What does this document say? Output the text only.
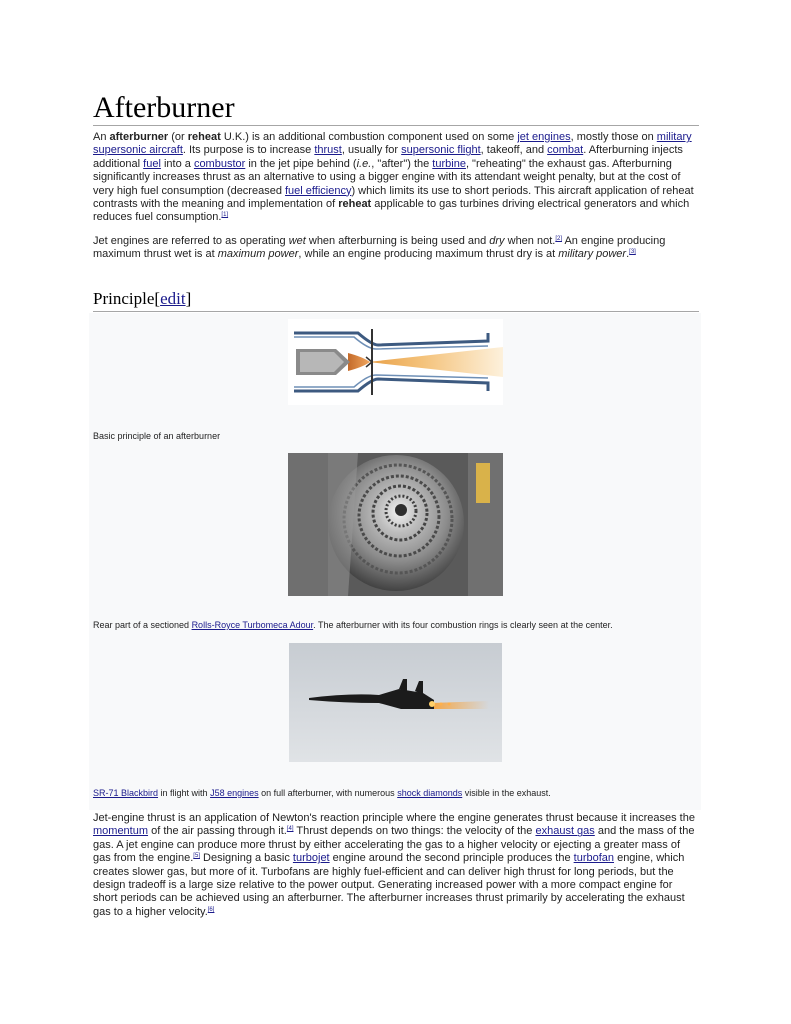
Afterburner

An afterburner (or reheat U.K.) is an additional combustion component used on some jet engines, mostly those on military supersonic aircraft. Its purpose is to increase thrust, usually for supersonic flight, takeoff, and combat. Afterburning injects additional fuel into a combustor in the jet pipe behind (i.e., "after") the turbine, "reheating" the exhaust gas. Afterburning significantly increases thrust as an alternative to using a bigger engine with its attendant weight penalty, but at the cost of very high fuel consumption (decreased fuel efficiency) which limits its use to short periods. This aircraft application of reheat contrasts with the meaning and implementation of reheat applicable to gas turbines driving electrical generators and which reduces fuel consumption.[1]

Jet engines are referred to as operating wet when afterburning is being used and dry when not.[2] An engine producing maximum thrust wet is at maximum power, while an engine producing maximum thrust dry is at military power.[3]

Principle[edit]
Basic principle of an afterburner
Rear part of a sectioned Rolls-Royce Turbomeca Adour. The afterburner with its four combustion rings is clearly seen at the center.
SR-71 Blackbird in flight with J58 engines on full afterburner, with numerous shock diamonds visible in the exhaust.

Jet-engine thrust is an application of Newton's reaction principle where the engine generates thrust because it increases the momentum of the air passing through it.[4] Thrust depends on two things: the velocity of the exhaust gas and the mass of the gas. A jet engine can produce more thrust by either accelerating the gas to a higher velocity or ejecting a greater mass of gas from the engine.[5] Designing a basic turbojet engine around the second principle produces the turbofan engine, which creates slower gas, but more of it. Turbofans are highly fuel-efficient and can deliver high thrust for long periods, but the design tradeoff is a large size relative to the power output. Generating increased power with a more compact engine for short periods can be achieved using an afterburner. The afterburner increases thrust primarily by accelerating the exhaust gas to a higher velocity.[6]
